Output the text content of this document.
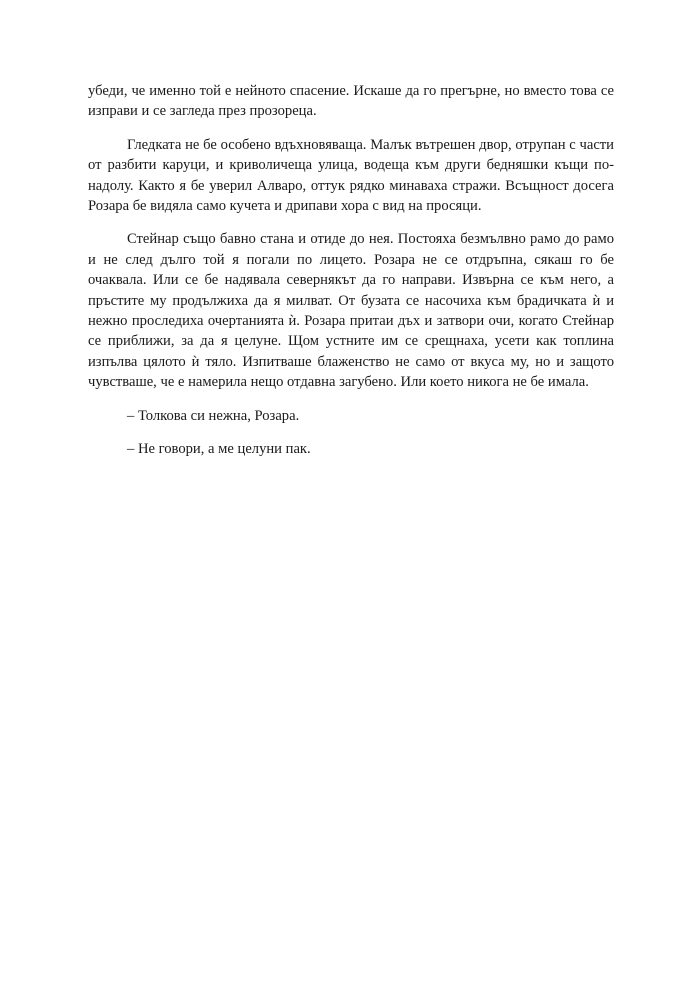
убеди, че именно той е нейното спасение. Искаше да го прегърне, но вместо това се изправи и се загледа през прозореца.

Гледката не бе особено вдъхновяваща. Малък вътрешен двор, отрупан с части от разбити каруци, и криволичеща улица, водеща към други бедняшки къщи по-надолу. Както я бе уверил Алваро, оттук рядко минаваха стражи. Всъщност досега Розара бе видяла само кучета и дрипави хора с вид на просяци.

Стейнар също бавно стана и отиде до нея. Постояха безмълвно рамо до рамо и не след дълго той я погали по лицето. Розара не се отдръпна, сякаш го бе очаквала. Или се бе надявала севернякът да го направи. Извърна се към него, а пръстите му продължиха да я милват. От бузата се насочиха към брадичката ѝ и нежно проследиха очертанията ѝ. Розара притаи дъх и затвори очи, когато Стейнар се приближи, за да я целуне. Щом устните им се срещнаха, усети как топлина изпълва цялото ѝ тяло. Изпитваше блаженство не само от вкуса му, но и защото чувстваше, че е намерила нещо отдавна загубено. Или което никога не бе имала.

– Толкова си нежна, Розара.

– Не говори, а ме целуни пак.
